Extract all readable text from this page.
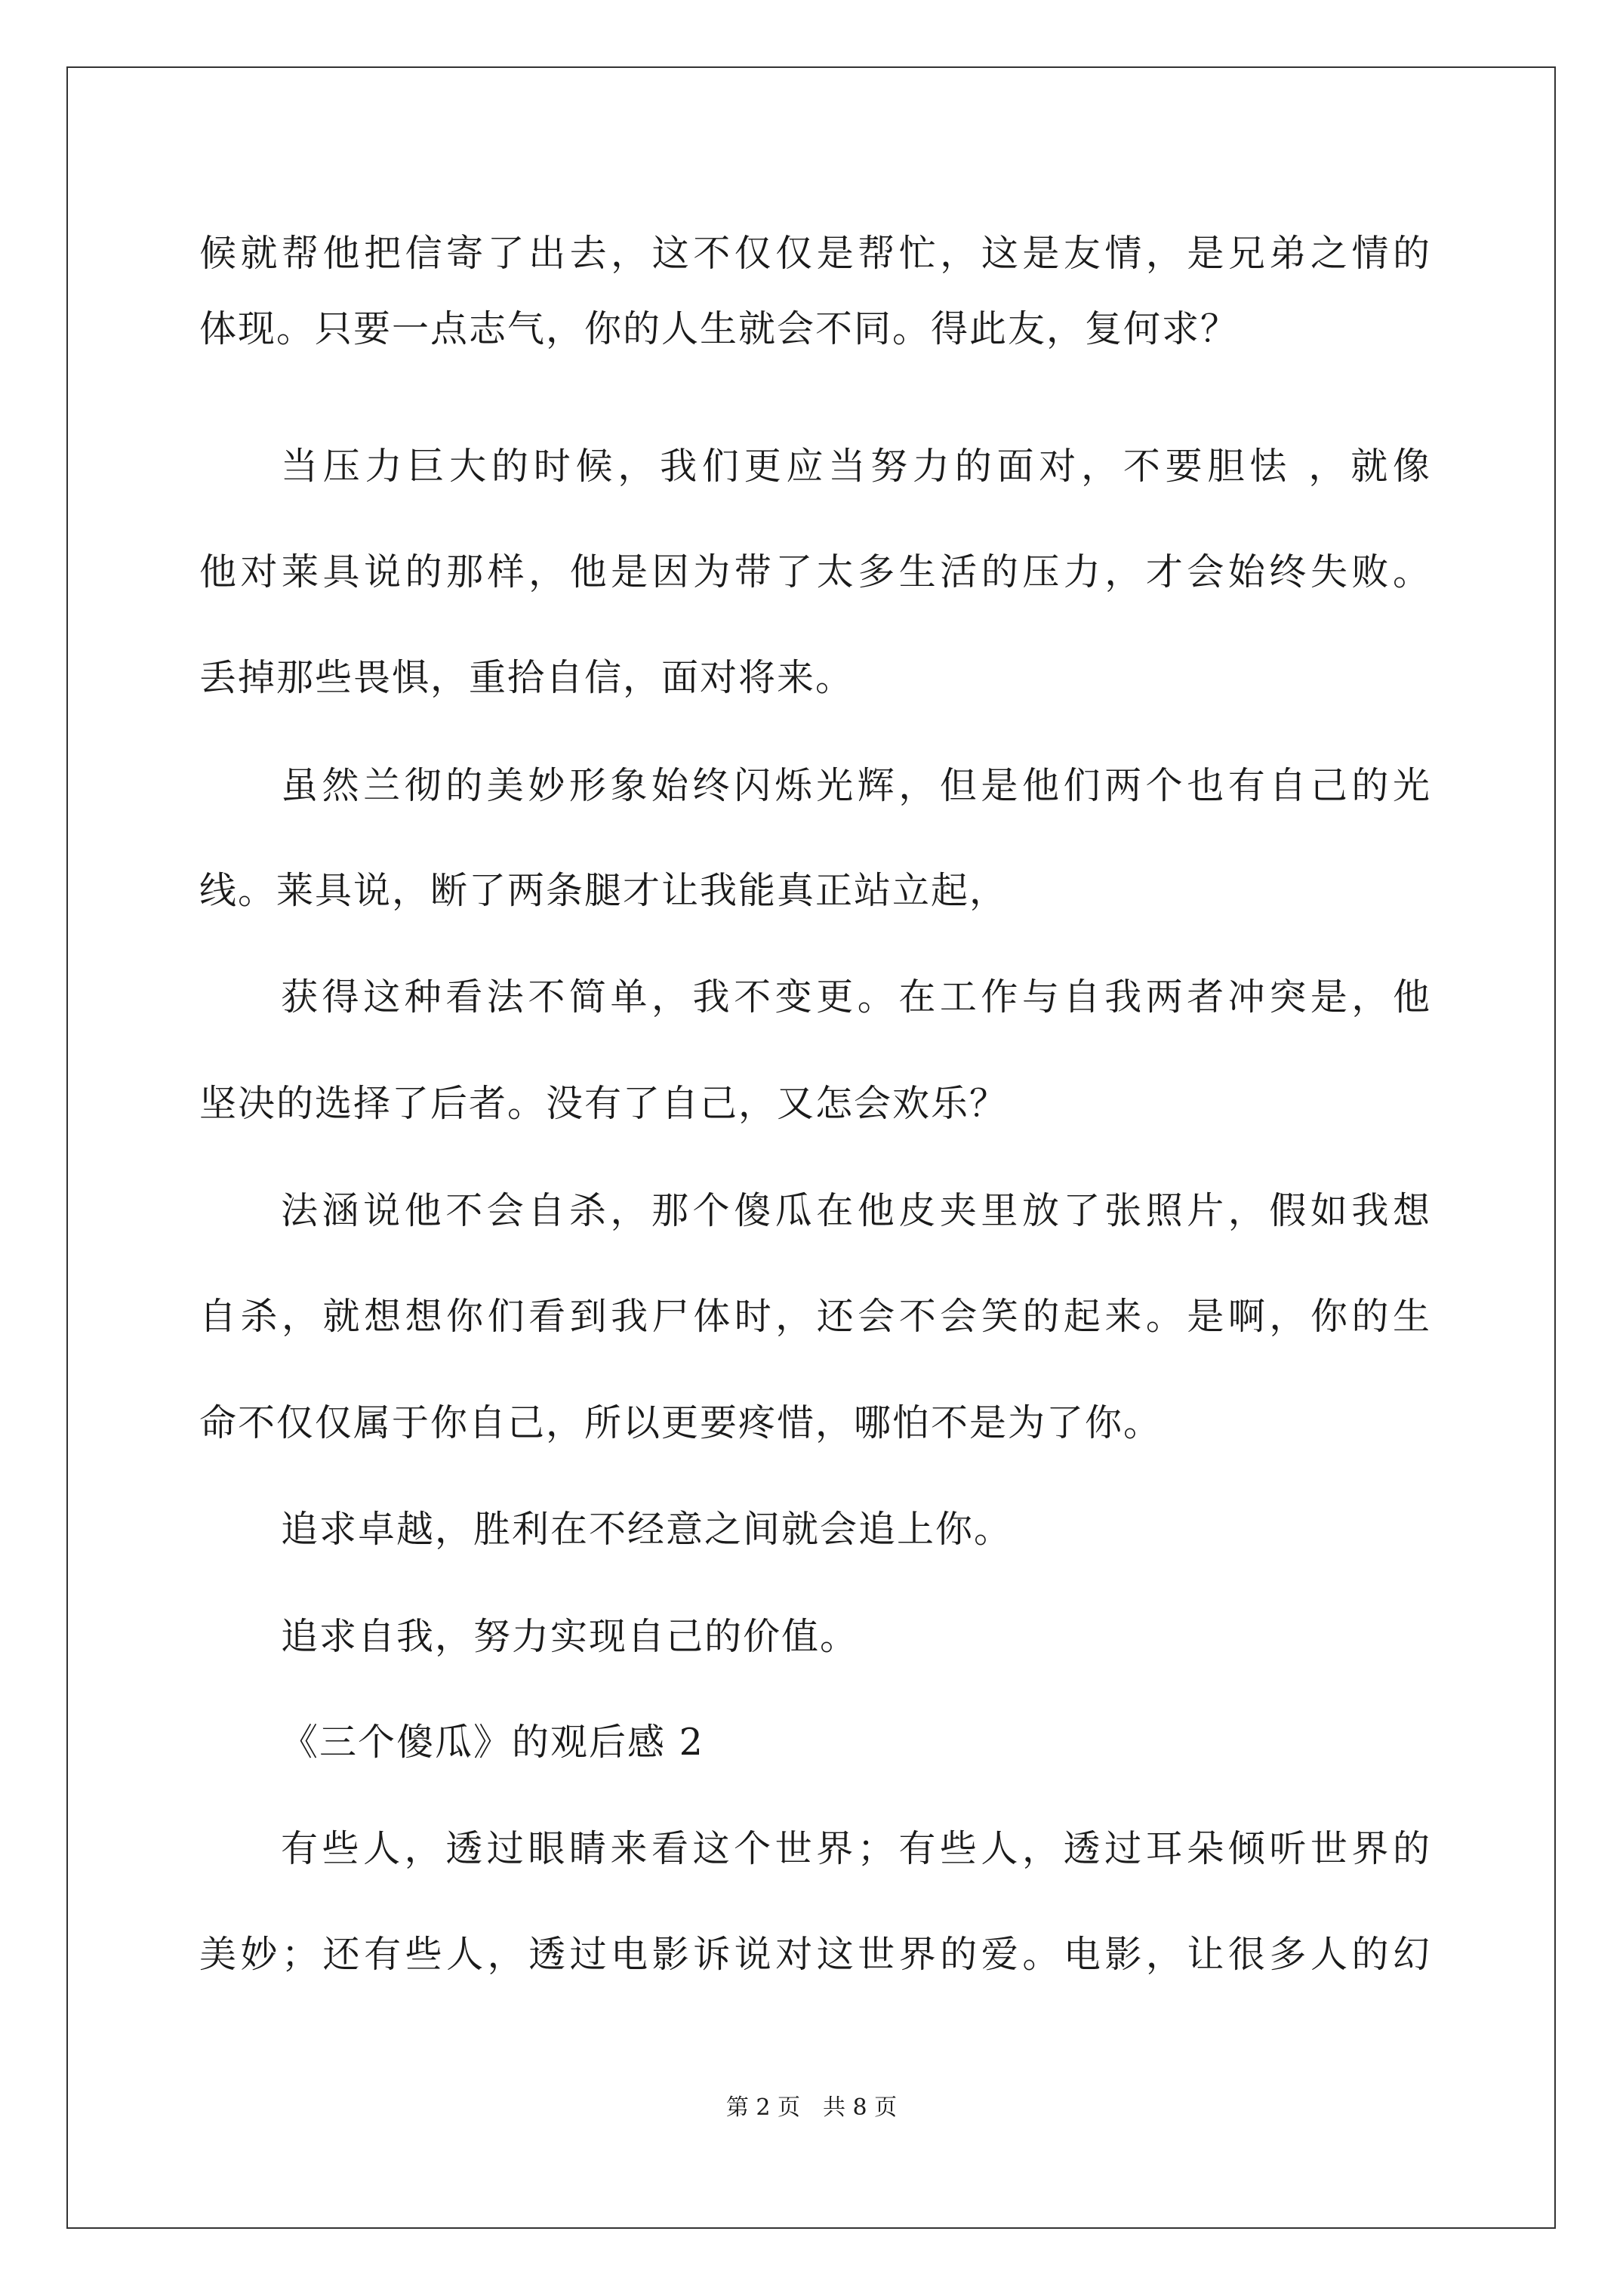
候就帮他把信寄了出去，这不仅仅是帮忙，这是友情，是兄弟之情的
体现。只要一点志气，你的人生就会不同。得此友，复何求？
当压力巨大的时候，我们更应当努力的面对，不要胆怯 ，就像
他对莱具说的那样，他是因为带了太多生活的压力，才会始终失败。
丢掉那些畏惧，重拾自信，面对将来。
虽然兰彻的美妙形象始终闪烁光辉，但是他们两个也有自己的光
线。莱具说，断了两条腿才让我能真正站立起，
获得这种看法不简单，我不变更。在工作与自我两者冲突是，他
坚决的选择了后者。没有了自己，又怎会欢乐？
法涵说他不会自杀，那个傻瓜在他皮夹里放了张照片，假如我想
自杀，就想想你们看到我尸体时，还会不会笑的起来。是啊，你的生
命不仅仅属于你自己，所以更要疼惜，哪怕不是为了你。
追求卓越，胜利在不经意之间就会追上你。
追求自我，努力实现自己的价值。
《三个傻瓜》的观后感 2
有些人，透过眼睛来看这个世界；有些人，透过耳朵倾听世界的
美妙；还有些人，透过电影诉说对这世界的爱。电影，让很多人的幻
第 2 页 共 8 页
